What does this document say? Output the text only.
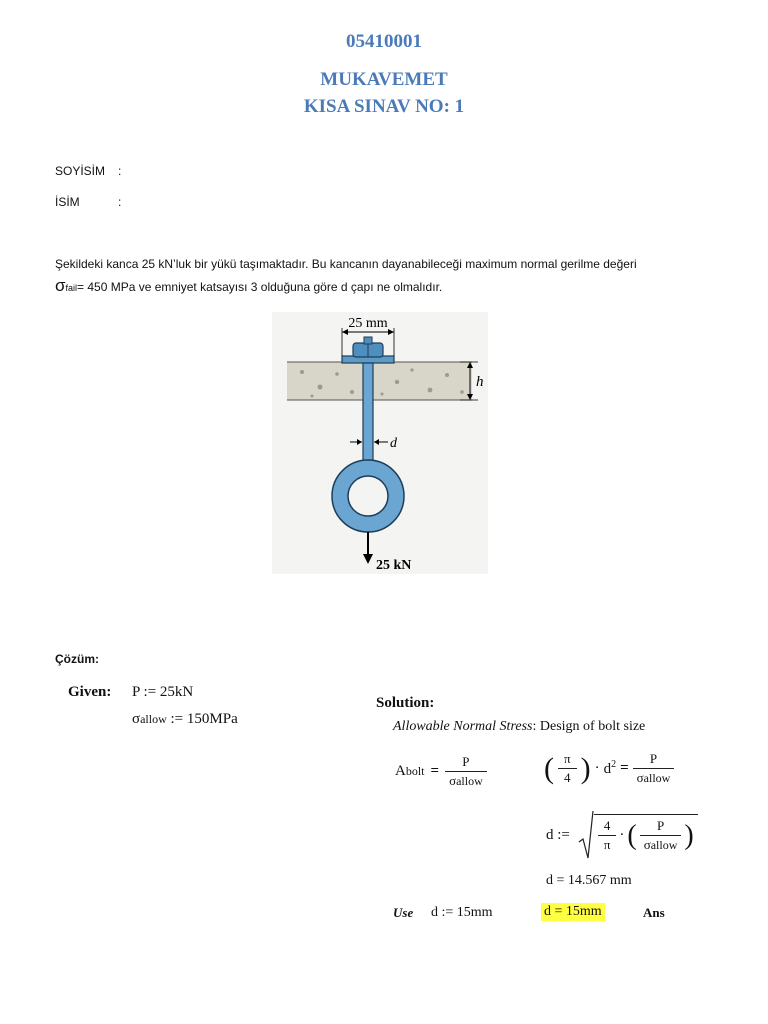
05410001
MUKAVEMET
KISA SINAV NO: 1
SOYİSİM :
İSİM	:
Şekildeki kanca 25 kN’luk bir yükü taşımaktadır. Bu kancanın dayanabileceği maximum normal gerilme değeri
σfail= 450 MPa ve emniyet katsayısı 3 olduğuna göre d çapı ne olmalıdır.
25 mm
h
d
25 kN
Çözüm:
Given: P := 25kN
σallow := 150MPa
Solution:
Allowable Normal Stress: Design of bolt size
Abolt = $\frac{P}{\text{σallow}}$ ( $\frac{\pi}{4}$ ) · $d^2 = \frac{P}{\text{σallow}}$
d := $\frac{4}{\pi}$ · ( $\frac{P}{\text{σallow}}$ )
d = 14.567 mm
Use d := 15mm	d = 15mm	Ans
